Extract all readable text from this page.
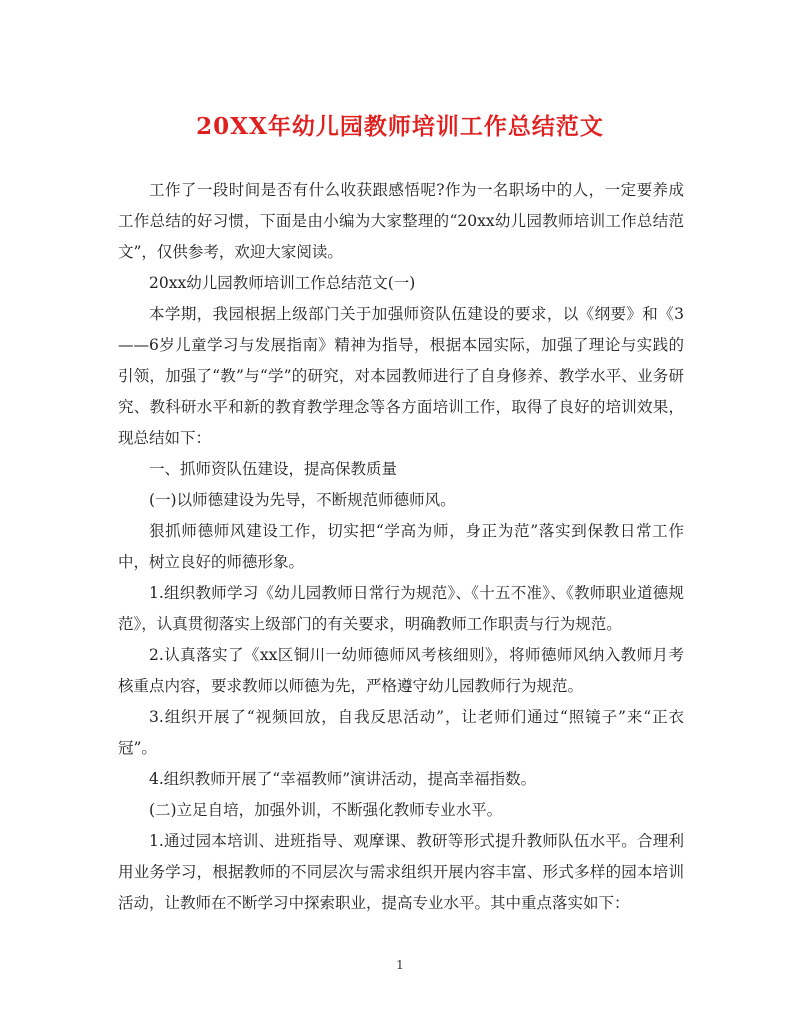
20XX年幼儿园教师培训工作总结范文

工作了一段时间是否有什么收获跟感悟呢?作为一名职场中的人，一定要养成工作总结的好习惯，下面是由小编为大家整理的“20xx幼儿园教师培训工作总结范文”，仅供参考，欢迎大家阅读。

20xx幼儿园教师培训工作总结范文(一)

本学期，我园根据上级部门关于加强师资队伍建设的要求，以《纲要》和《3——6岁儿童学习与发展指南》精神为指导，根据本园实际，加强了理论与实践的引领，加强了“教”与“学”的研究，对本园教师进行了自身修养、教学水平、业务研究、教科研水平和新的教育教学理念等各方面培训工作，取得了良好的培训效果，现总结如下：

一、抓师资队伍建设，提高保教质量

(一)以师德建设为先导，不断规范师德师风。

狠抓师德师风建设工作，切实把“学高为师，身正为范”落实到保教日常工作中，树立良好的师德形象。

1.组织教师学习《幼儿园教师日常行为规范》、《十五不准》、《教师职业道德规范》，认真贯彻落实上级部门的有关要求，明确教师工作职责与行为规范。

2.认真落实了《xx区铜川一幼师德师风考核细则》，将师德师风纳入教师月考核重点内容，要求教师以师德为先，严格遵守幼儿园教师行为规范。

3.组织开展了“视频回放，自我反思活动”，让老师们通过“照镜子”来“正衣冠”。

4.组织教师开展了“幸福教师”演讲活动，提高幸福指数。

(二)立足自培，加强外训，不断强化教师专业水平。

1.通过园本培训、进班指导、观摩课、教研等形式提升教师队伍水平。合理利用业务学习，根据教师的不同层次与需求组织开展内容丰富、形式多样的园本培训活动，让教师在不断学习中探索职业，提高专业水平。其中重点落实如下：

1
